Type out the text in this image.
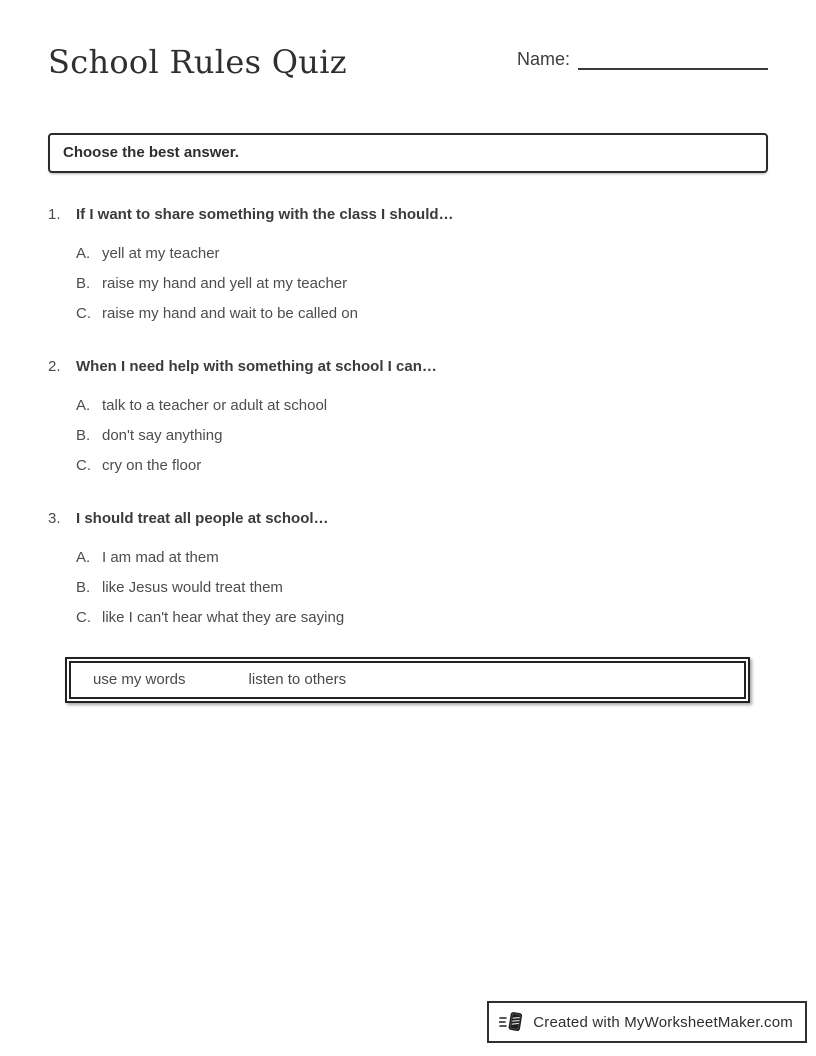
School Rules Quiz	Name:
Choose the best answer.
1.	If I want to share something with the class I should…
A. yell at my teacher
B. raise my hand and yell at my teacher
C. raise my hand and wait to be called on
2.	When I need help with something at school I can…
A. talk to a teacher or adult at school
B. don't say anything
C. cry on the floor
3.	I should treat all people at school…
A. I am mad at them
B. like Jesus would treat them
C. like I can't hear what they are saying
use my words	listen to others
Created with MyWorksheetMaker.com
